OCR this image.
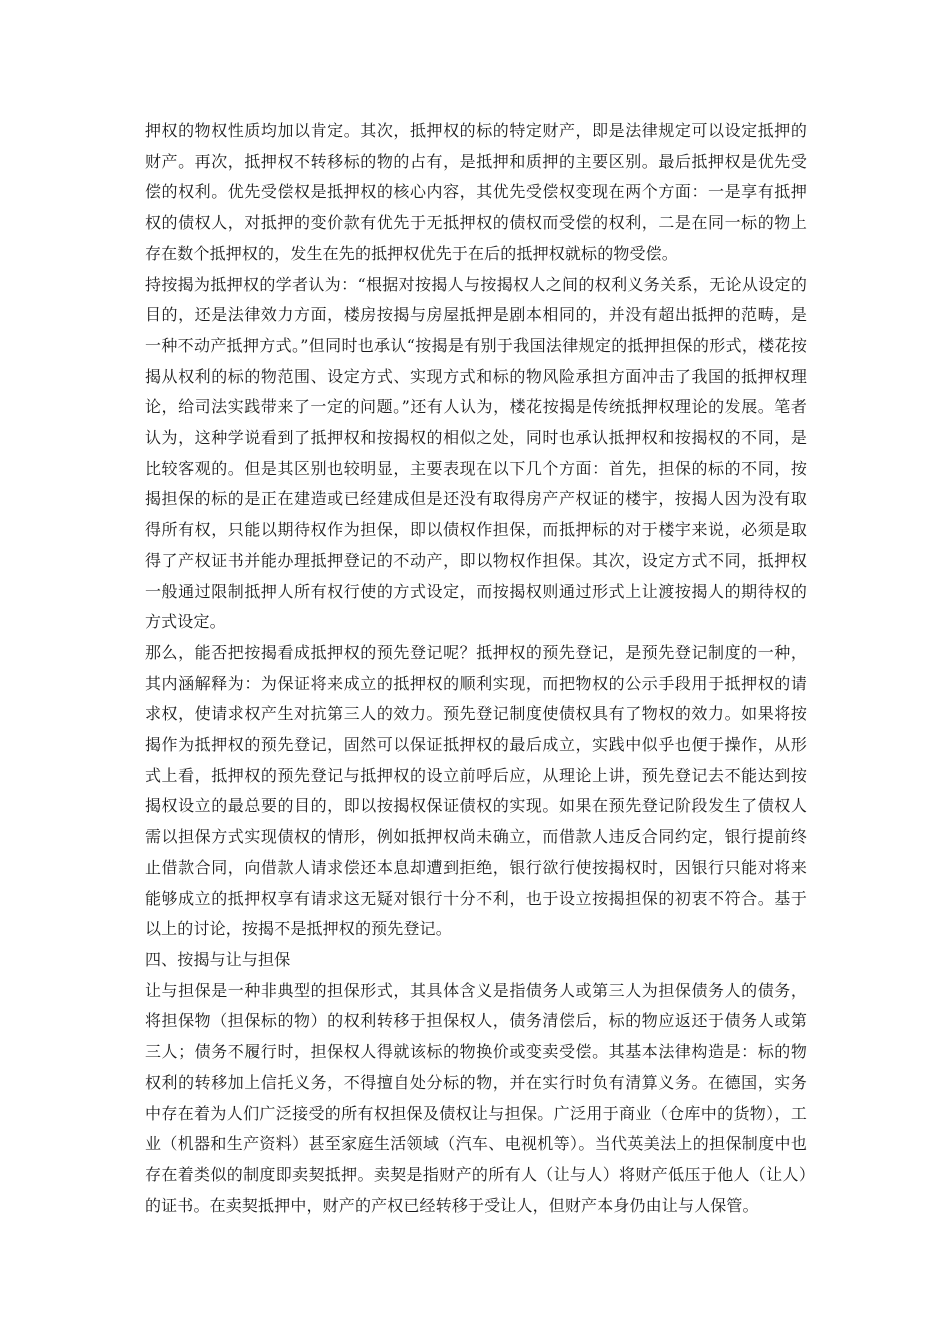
押权的物权性质均加以肯定。其次，抵押权的标的特定财产，即是法律规定可以设定抵押的财产。再次，抵押权不转移标的物的占有，是抵押和质押的主要区别。最后抵押权是优先受偿的权利。优先受偿权是抵押权的核心内容，其优先受偿权变现在两个方面：一是享有抵押权的债权人，对抵押的变价款有优先于无抵押权的债权而受偿的权利，二是在同一标的物上存在数个抵押权的，发生在先的抵押权优先于在后的抵押权就标的物受偿。

持按揭为抵押权的学者认为：“根据对按揭人与按揭权人之间的权利义务关系，无论从设定的目的，还是法律效力方面，楼房按揭与房屋抵押是剧本相同的，并没有超出抵押的范畴，是一种不动产抵押方式。”但同时也承认“按揭是有别于我国法律规定的抵押担保的形式，楼花按揭从权利的标的物范围、设定方式、实现方式和标的物风险承担方面冲击了我国的抵押权理论，给司法实践带来了一定的问题。”还有人认为，楼花按揭是传统抵押权理论的发展。笔者认为，这种学说看到了抵押权和按揭权的相似之处，同时也承认抵押权和按揭权的不同，是比较客观的。但是其区别也较明显，主要表现在以下几个方面：首先，担保的标的不同，按揭担保的标的是正在建造或已经建成但是还没有取得房产产权证的楼宇，按揭人因为没有取得所有权，只能以期待权作为担保，即以债权作担保，而抵押标的对于楼宇来说，必须是取得了产权证书并能办理抵押登记的不动产，即以物权作担保。其次，设定方式不同，抵押权一般通过限制抵押人所有权行使的方式设定，而按揭权则通过形式上让渡按揭人的期待权的方式设定。

那么，能否把按揭看成抵押权的预先登记呢？抵押权的预先登记，是预先登记制度的一种，其内涵解释为：为保证将来成立的抵押权的顺利实现，而把物权的公示手段用于抵押权的请求权，使请求权产生对抗第三人的效力。预先登记制度使债权具有了物权的效力。如果将按揭作为抵押权的预先登记，固然可以保证抵押权的最后成立，实践中似乎也便于操作，从形式上看，抵押权的预先登记与抵押权的设立前呼后应，从理论上讲，预先登记去不能达到按揭权设立的最总要的目的，即以按揭权保证债权的实现。如果在预先登记阶段发生了债权人需以担保方式实现债权的情形，例如抵押权尚未确立，而借款人违反合同约定，银行提前终止借款合同，向借款人请求偿还本息却遭到拒绝，银行欲行使按揭权时，因银行只能对将来能够成立的抵押权享有请求这无疑对银行十分不利，也于设立按揭担保的初衷不符合。基于以上的讨论，按揭不是抵押权的预先登记。

四、按揭与让与担保

让与担保是一种非典型的担保形式，其具体含义是指债务人或第三人为担保债务人的债务，将担保物（担保标的物）的权利转移于担保权人，债务清偿后，标的物应返还于债务人或第三人；债务不履行时，担保权人得就该标的物换价或变卖受偿。其基本法律构造是：标的物权利的转移加上信托义务，不得擅自处分标的物，并在实行时负有清算义务。在德国，实务中存在着为人们广泛接受的所有权担保及债权让与担保。广泛用于商业（仓库中的货物），工业（机器和生产资料）甚至家庭生活领域（汽车、电视机等）。当代英美法上的担保制度中也存在着类似的制度即卖契抵押。卖契是指财产的所有人（让与人）将财产低压于他人（让人）的证书。在卖契抵押中，财产的产权已经转移于受让人，但财产本身仍由让与人保管。
